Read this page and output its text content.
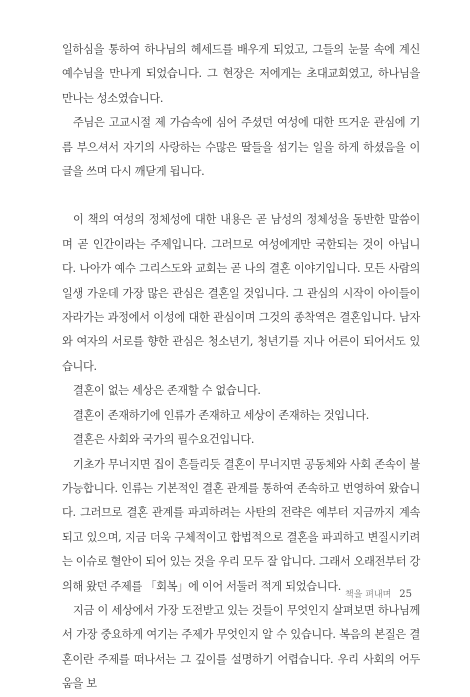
일하심을 통하여 하나님의 헤세드를 배우게 되었고, 그들의 눈물 속에 계신 예수님을 만나게 되었습니다. 그 현장은 저에게는 초대교회였고, 하나님을 만나는 성소였습니다.

주님은 고교시절 제 가슴속에 심어 주셨던 여성에 대한 뜨거운 관심에 기름 부으셔서 자기의 사랑하는 수많은 딸들을 섬기는 일을 하게 하셨음을 이 글을 쓰며 다시 깨닫게 됩니다.

이 책의 여성의 정체성에 대한 내용은 곧 남성의 정체성을 동반한 말씀이며 곧 인간이라는 주제입니다. 그러므로 여성에게만 국한되는 것이 아닙니다. 나아가 예수 그리스도와 교회는 곧 나의 결혼 이야기입니다. 모든 사람의 일생 가운데 가장 많은 관심은 결혼일 것입니다. 그 관심의 시작이 아이들이 자라가는 과정에서 이성에 대한 관심이며 그것의 종착역은 결혼입니다. 남자와 여자의 서로를 향한 관심은 청소년기, 청년기를 지나 어른이 되어서도 있습니다.

결혼이 없는 세상은 존재할 수 없습니다.

결혼이 존재하기에 인류가 존재하고 세상이 존재하는 것입니다.

결혼은 사회와 국가의 필수요건입니다.

기초가 무너지면 집이 흔들리듯 결혼이 무너지면 공동체와 사회 존속이 불가능합니다. 인류는 기본적인 결혼 관계를 통하여 존속하고 번영하여 왔습니다. 그러므로 결혼 관계를 파괴하려는 사탄의 전략은 예부터 지금까지 계속되고 있으며, 지금 더욱 구체적이고 합법적으로 결혼을 파괴하고 변질시키려는 이슈로 혈안이 되어 있는 것을 우리 모두 잘 압니다. 그래서 오래전부터 강의해 왔던 주제를 「회복」에 이어 서둘러 적게 되었습니다.

지금 이 세상에서 가장 도전받고 있는 것들이 무엇인지 살펴보면 하나님께서 가장 중요하게 여기는 주제가 무엇인지 알 수 있습니다. 복음의 본질은 결혼이란 주제를 떠나서는 그 깊이를 설명하기 어렵습니다. 우리 사회의 어두움을 보

책을 펴내며 25
